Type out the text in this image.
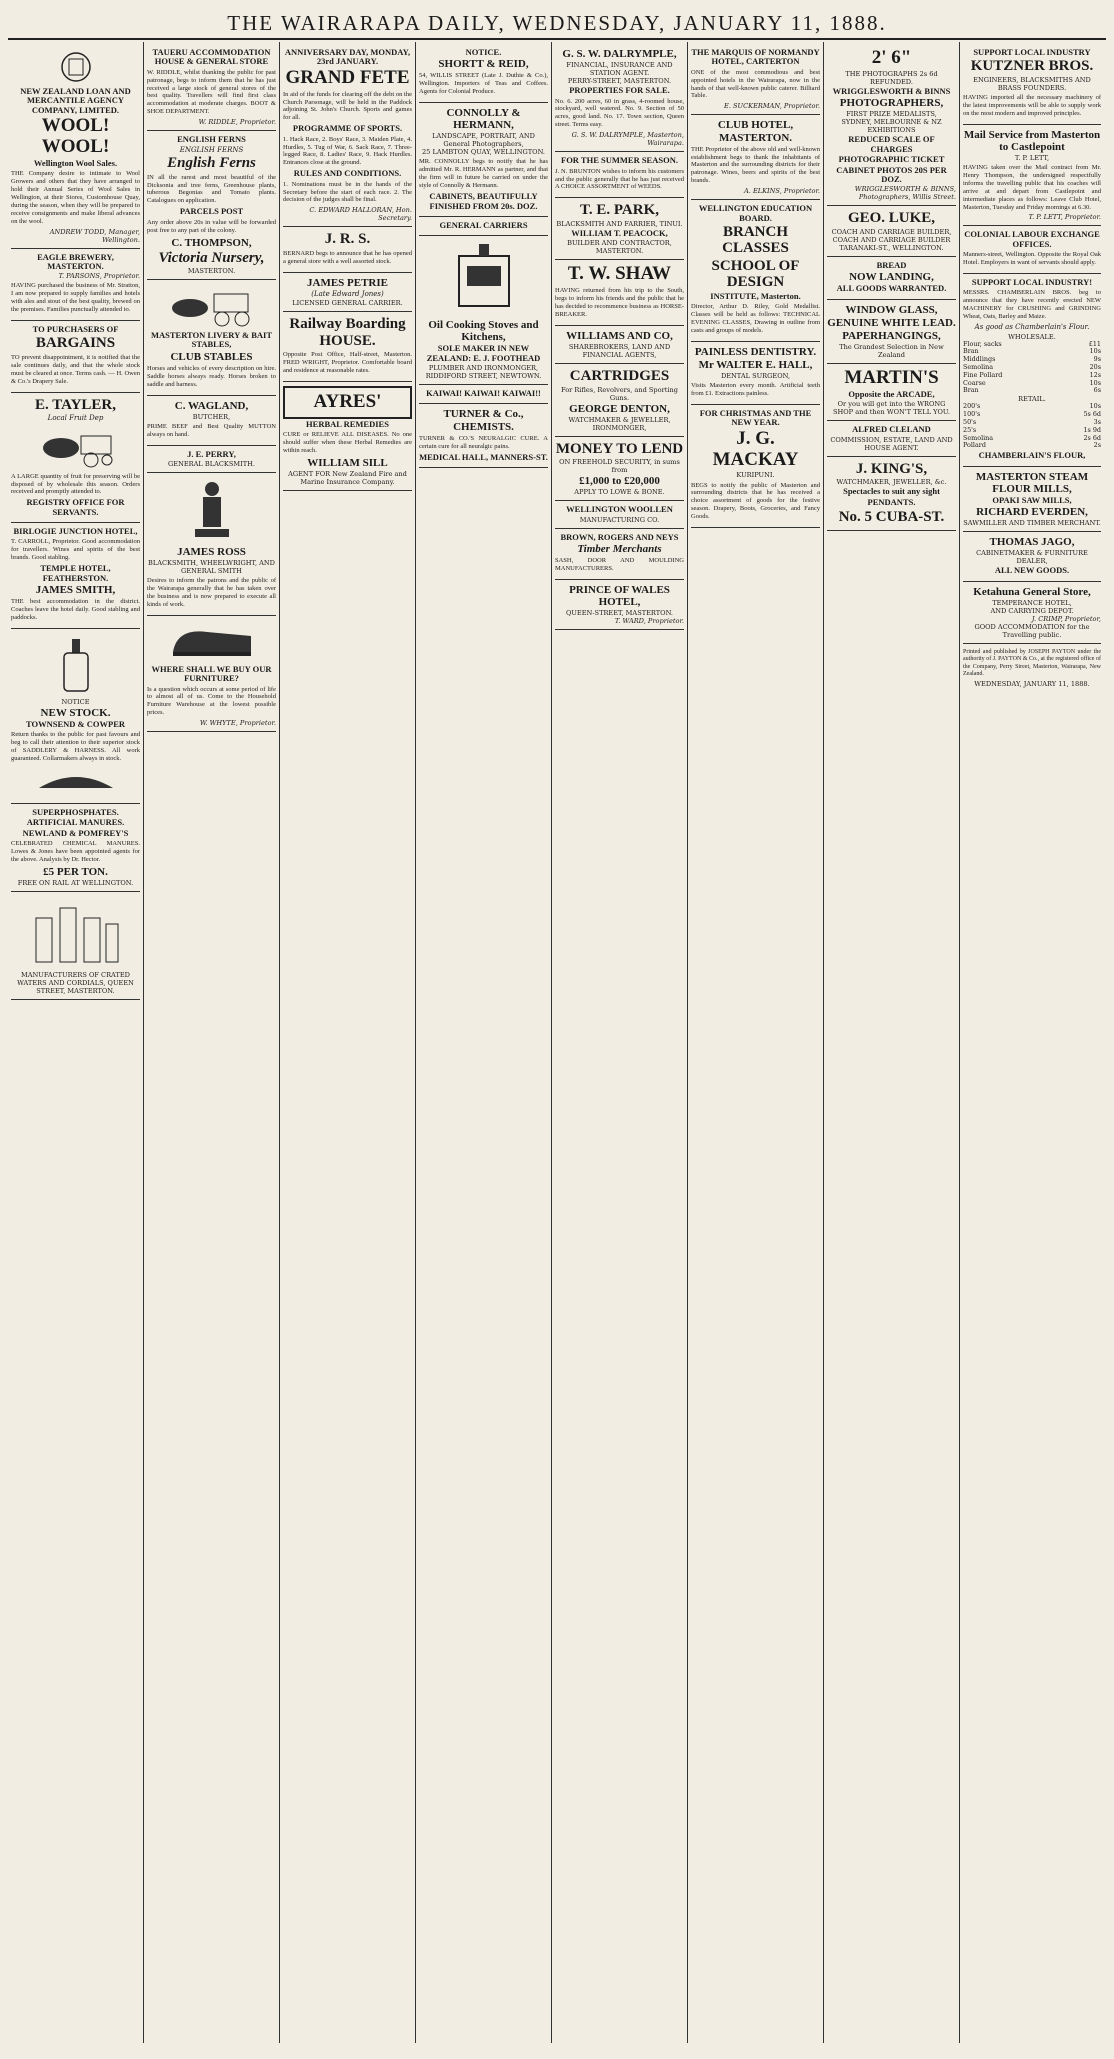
THE WAIRARAPA DAILY, WEDNESDAY, JANUARY 11, 1888.
NEW ZEALAND LOAN AND MERCANTILE AGENCY COMPANY, LIMITED.
WOOL! WOOL!
Wellington Wool Sales.

THE Company desire to intimate to Wool Growers and others that they have arranged to hold their Annual Series of Wool Sales in Wellington, at their Stores, Customhouse Quay, during the season, when they will be prepared to receive consignments and make liberal advances on the wool.

ANDREW TODD, Manager, Wellington.
EAGLE BREWERY, MASTERTON.
T. PARSONS, Proprietor.

HAVING purchased the business of Mr. Stratton, I am now prepared to supply families and hotels with ales and stout of the best quality, brewed on the premises. Families punctually attended to.

TO PURCHASERS OF
BARGAINS

TO prevent disappointment, it is notified that the sale continues daily, and that the whole stock must be cleared at once. Terms cash. — H. Owen & Co.'s Drapery Sale.

E. TAYLER,
Local Fruit Dep

A LARGE quantity of fruit for preserving will be disposed of by wholesale this season. Orders received and promptly attended to.

REGISTRY OFFICE FOR SERVANTS.
BIRLOGIE JUNCTION HOTEL,

T. CARROLL, Proprietor. Good accommodation for travellers. Wines and spirits of the best brands. Good stabling.

TEMPLE HOTEL, FEATHERSTON.
JAMES SMITH,

THE best accommodation in the district. Coaches leave the hotel daily. Good stabling and paddocks.

NOTICE
NEW STOCK.
TOWNSEND & COWPER

Return thanks to the public for past favours and beg to call their attention to their superior stock of SADDLERY & HARNESS. All work guaranteed. Collarmakers always in stock.

SUPERPHOSPHATES.
ARTIFICIAL MANURES.
NEWLAND & POMFREY'S

CELEBRATED CHEMICAL MANURES. Lowes & Jones have been appointed agents for the above. Analysis by Dr. Hector.

£5 PER TON.
FREE ON RAIL AT WELLINGTON.
MANUFACTURERS OF CRATED WATERS AND CORDIALS, QUEEN STREET, MASTERTON.
TAUERU ACCOMMODATION HOUSE & GENERAL STORE

W. RIDDLE, whilst thanking the public for past patronage, begs to inform them that he has just received a large stock of general stores of the best quality. Travellers will find first class accommodation at moderate charges. BOOT & SHOE DEPARTMENT.

W. RIDDLE, Proprietor.
ENGLISH FERNS
ENGLISH FERNS
English Ferns

IN all the rarest and most beautiful of the Dicksonia and tree ferns, Greenhouse plants, tuberous Begonias and Tomato plants. Catalogues on application.

PARCELS POST

Any order above 20s in value will be forwarded post free to any part of the colony.

C. THOMPSON,
Victoria Nursery,
MASTERTON.
MASTERTON LIVERY & BAIT STABLES,
CLUB STABLES

Horses and vehicles of every description on hire. Saddle horses always ready. Horses broken to saddle and harness.

C. WAGLAND,
BUTCHER,

PRIME BEEF and Best Quality MUTTON always on hand.

J. E. PERRY,
GENERAL BLACKSMITH.
JAMES ROSS
BLACKSMITH, WHEELWRIGHT, AND GENERAL SMITH

Desires to inform the patrons and the public of the Wairarapa generally that he has taken over the business and is now prepared to execute all kinds of work.

WHERE SHALL WE BUY OUR FURNITURE?

Is a question which occurs at some period of life to almost all of us. Come to the Household Furniture Warehouse at the lowest possible prices.

W. WHYTE, Proprietor.
ANNIVERSARY DAY, MONDAY, 23rd JANUARY.
GRAND FETE

In aid of the funds for clearing off the debt on the Church Parsonage, will be held in the Paddock adjoining St. John's Church. Sports and games for all.

PROGRAMME OF SPORTS.

1. Hack Race, 2. Boys' Race, 3. Maiden Plate, 4. Hurdles, 5. Tug of War, 6. Sack Race, 7. Three-legged Race, 8. Ladies' Race, 9. Hack Hurdles. Entrances close at the ground.

RULES AND CONDITIONS.

1. Nominations must be in the hands of the Secretary before the start of each race. 2. The decision of the judges shall be final.

C. EDWARD HALLORAN, Hon. Secretary.
J. R. S.

BERNARD begs to announce that he has opened a general store with a well assorted stock.

JAMES PETRIE
(Late Edward Jones)
LICENSED GENERAL CARRIER.
Railway Boarding HOUSE.

Opposite Post Office, Half-street, Masterton. FRED WRIGHT, Proprietor. Comfortable board and residence at reasonable rates.

AYRES'
HERBAL REMEDIES

CURE or RELIEVE ALL DISEASES. No one should suffer when these Herbal Remedies are within reach.

WILLIAM SILL
AGENT FOR New Zealand Fire and Marine Insurance Company.
NOTICE.
SHORTT & REID,

54, WILLIS STREET (Late J. Duthie & Co.), Wellington. Importers of Teas and Coffees. Agents for Colonial Produce.

CONNOLLY & HERMANN,
LANDSCAPE, PORTRAIT, AND General Photographers,
25 LAMBTON QUAY, WELLINGTON.

MR. CONNOLLY begs to notify that he has admitted Mr. R. HERMANN as partner, and that the firm will in future be carried on under the style of Connolly & Hermann.

CABINETS, BEAUTIFULLY FINISHED FROM 20s. DOZ.
GENERAL CARRIERS
Oil Cooking Stoves and Kitchens,
SOLE MAKER IN NEW ZEALAND: E. J. FOOTHEAD
PLUMBER AND IRONMONGER, RIDDIFORD STREET, NEWTOWN.
KAIWAI! KAIWAI! KAIWAI!!
TURNER & Co., CHEMISTS.

TURNER & CO.'S NEURALGIC CURE. A certain cure for all neuralgic pains.

MEDICAL HALL, MANNERS-ST.
G. S. W. DALRYMPLE,
FINANCIAL, INSURANCE AND STATION AGENT.
PERRY-STREET, MASTERTON.
PROPERTIES FOR SALE.

No. 6. 200 acres, 60 in grass, 4-roomed house, stockyard, well watered. No. 9. Section of 50 acres, good land. No. 17. Town section, Queen street. Terms easy.

G. S. W. DALRYMPLE, Masterton, Wairarapa.
FOR THE SUMMER SEASON.

J. N. BRUNTON wishes to inform his customers and the public generally that he has just received A CHOICE ASSORTMENT of WEEDS.

T. E. PARK,
BLACKSMITH AND FARRIER, TINUI.
WILLIAM T. PEACOCK,
BUILDER AND CONTRACTOR, MASTERTON.
T. W. SHAW

HAVING returned from his trip to the South, begs to inform his friends and the public that he has decided to recommence business as HORSE-BREAKER.

WILLIAMS AND CO,
SHAREBROKERS, LAND AND FINANCIAL AGENTS,
CARTRIDGES
For Rifles, Revolvers, and Sporting Guns.
GEORGE DENTON,
WATCHMAKER & JEWELLER, IRONMONGER,
MONEY TO LEND
ON FREEHOLD SECURITY, in sums from
£1,000 to £20,000
APPLY TO LOWE & BONE.
WELLINGTON WOOLLEN
MANUFACTURING CO.
BROWN, ROGERS AND NEYS
Timber Merchants

SASH, DOOR AND MOULDING MANUFACTURERS.

PRINCE OF WALES HOTEL,
QUEEN-STREET, MASTERTON.
T. WARD, Proprietor.
THE MARQUIS OF NORMANDY HOTEL, CARTERTON

ONE of the most commodious and best appointed hotels in the Wairarapa, now in the hands of that well-known public caterer. Billiard Table.

E. SUCKERMAN, Proprietor.
CLUB HOTEL, MASTERTON.

THE Proprietor of the above old and well-known establishment begs to thank the inhabitants of Masterton and the surrounding districts for their patronage. Wines, beers and spirits of the best brands.

A. ELKINS, Proprietor.
WELLINGTON EDUCATION BOARD.
BRANCH CLASSES
SCHOOL OF DESIGN
INSTITUTE, Masterton.

Director, Arthur D. Riley, Gold Medallist. Classes will be held as follows: TECHNICAL EVENING CLASSES, Drawing in outline from casts and groups of models.

PAINLESS DENTISTRY.
Mr WALTER E. HALL,
DENTAL SURGEON,

Visits Masterton every month. Artificial teeth from £1. Extractions painless.

FOR CHRISTMAS AND THE NEW YEAR.
J. G. MACKAY
KURIPUNI.

BEGS to notify the public of Masterton and surrounding districts that he has received a choice assortment of goods for the festive season. Drapery, Boots, Groceries, and Fancy Goods.

2' 6"
THE PHOTOGRAPHS 2s 6d REFUNDED.
WRIGGLESWORTH & BINNS
PHOTOGRAPHERS,
FIRST PRIZE MEDALISTS,
SYDNEY, MELBOURNE & NZ EXHIBITIONS
REDUCED SCALE OF CHARGES
PHOTOGRAPHIC TICKET
CABINET PHOTOS 20S PER DOZ.
WRIGGLESWORTH & BINNS, Photographers, Willis Street.
GEO. LUKE,
COACH AND CARRIAGE BUILDER, COACH AND CARRIAGE BUILDER
TARANAKI-ST., WELLINGTON.
BREAD
NOW LANDING,
ALL GOODS WARRANTED.
WINDOW GLASS,
GENUINE WHITE LEAD.
PAPERHANGINGS,
The Grandest Selection in New Zealand
MARTIN'S
Opposite the ARCADE,
Or you will get into the WRONG SHOP and then WON'T TELL YOU.
ALFRED CLELAND
COMMISSION, ESTATE, LAND AND HOUSE AGENT.
J. KING'S,
WATCHMAKER, JEWELLER, &c.
Spectacles to suit any sight
PENDANTS.
No. 5 CUBA-ST.
SUPPORT LOCAL INDUSTRY
KUTZNER BROS.
ENGINEERS, BLACKSMITHS AND BRASS FOUNDERS.

HAVING imported all the necessary machinery of the latest improvements will be able to supply work on the most modern and improved principles.

Mail Service from Masterton to Castlepoint
T. P. LETT,

HAVING taken over the Mail contract from Mr. Henry Thompson, the undersigned respectfully informs the travelling public that his coaches will arrive at and depart from Castlepoint and intermediate places as follows: Leave Club Hotel, Masterton, Tuesday and Friday mornings at 6.30.

T. P. LETT, Proprietor.
COLONIAL LABOUR EXCHANGE OFFICES.

Manners-street, Wellington. Opposite the Royal Oak Hotel. Employers in want of servants should apply.

SUPPORT LOCAL INDUSTRY!

MESSRS. CHAMBERLAIN BROS. beg to announce that they have recently erected NEW MACHINERY for CRUSHING and GRINDING Wheat, Oats, Barley and Maize.

As good as Chamberlain's Flour.
WHOLESALE.
Flour, sacks	£11
Bran	10s
Middlings	9s
Semolina	20s
Fine Pollard	12s
Coarse	10s
Bran	6s
RETAIL.
200's	10s
100's	5s 6d
50's	3s
25's	1s 9d
Semolina	2s 6d
Pollard	2s
CHAMBERLAIN'S FLOUR,
MASTERTON STEAM FLOUR MILLS,
OPAKI SAW MILLS,
RICHARD EVERDEN,
SAWMILLER AND TIMBER MERCHANT.
THOMAS JAGO,
CABINETMAKER & FURNITURE DEALER,
ALL NEW GOODS.
Ketahuna General Store,
TEMPERANCE HOTEL,
AND CARRYING DEPOT.
J. CRIMP, Proprietor,
GOOD ACCOMMODATION for the Travelling public.

Printed and published by JOSEPH PAYTON under the authority of J. PAYTON & Co., at the registered office of the Company, Perry Street, Masterton, Wairarapa, New Zealand.

WEDNESDAY, JANUARY 11, 1888.
